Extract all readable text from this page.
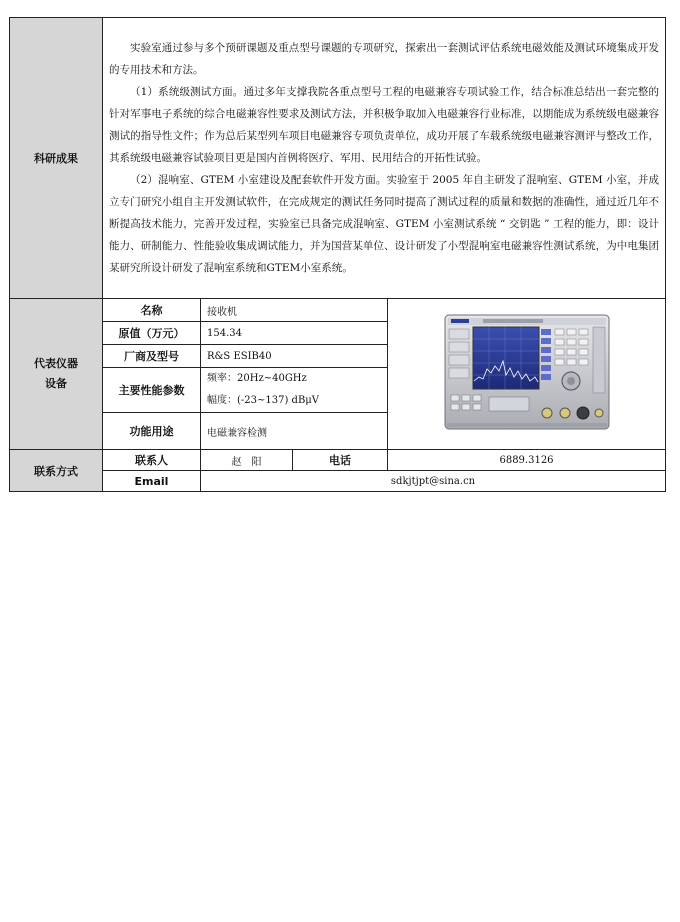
科研成果	实验室通过参与多个预研课题及重点型号课题的专项研究，探索出一套测试评估系统电磁效能及测试环境集成开发的专用技术和方法。

（1）系统级测试方面。通过多年支撑我院各重点型号工程的电磁兼容专项试验工作，结合标准总结出一套完整的针对军事电子系统的综合电磁兼容性要求及测试方法，并积极争取加入电磁兼容行业标准，以期能成为系统级电磁兼容测试的指导性文件；作为总后某型列车项目电磁兼容专项负责单位，成功开展了车载系统级电磁兼容测评与整改工作，其系统级电磁兼容试验项目更是国内首例将医疗、军用、民用结合的开拓性试验。

（2）混响室、GTEM 小室建设及配套软件开发方面。实验室于 2005 年自主研发了混响室、GTEM 小室，并成立专门研究小组自主开发测试软件，在完成规定的测试任务同时提高了测试过程的质量和数据的准确性，通过近几年不断提高技术能力，完善开发过程，实验室已具备完成混响室、GTEM 小室测试系统 “ 交钥匙 ” 工程的能力，即：设计能力、研制能力、性能验收集成调试能力，并为国营某单位、设计研发了小型混响室电磁兼容性测试系统，为中电集团某研究所设计研发了混响室系统和GTEM小室系统。			

代表仪器
设备	名称	接收机	
	原值（万元）	154.34		
	厂商及型号	R&S ESIB40		
	主要性能参数	频率：20Hz~40GHz
幅度：(-23~137) dBμV		

	功能用途	电磁兼容检测		
联系方式	联系人	赵　阳	电话	6889.3126
	Email	sdkjtjpt@sina.cn		
